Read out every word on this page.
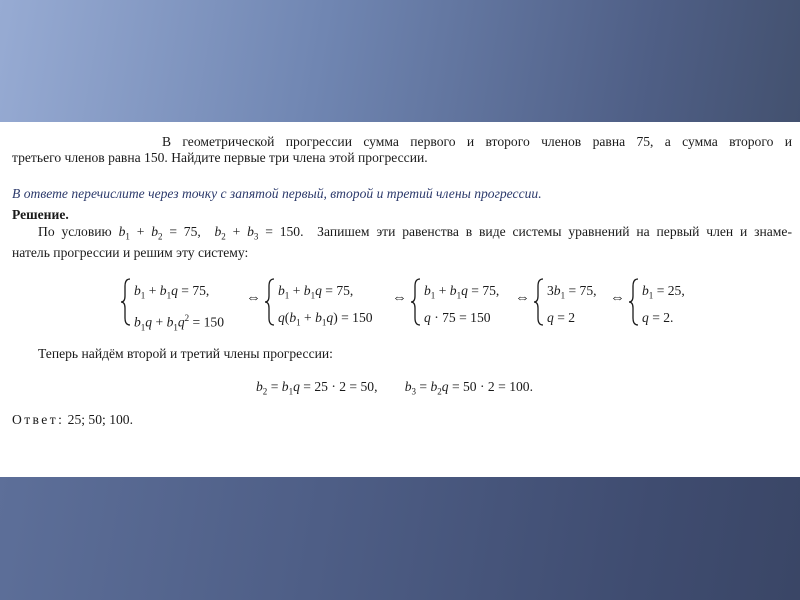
В геометрической прогрессии сумма первого и второго членов равна 75, а сумма второго и
третьего членов равна 150. Найдите первые три члена этой прогрессии.
В ответе перечислите через точку с запятой первый, второй и третий члены прогрессии.
Решение.
По условию $b_1 + b_2 = 75$,  $b_2 + b_3 = 150$.  Запишем эти равенства в виде системы уравнений на первый член и знаме-
натель прогрессии и решим эту систему:
$b_1 + b_1q = 75$,
$b_1q + b_1q^2 = 150$
⇔ $b_1 + b_1q = 75$,
$q(b_1 + b_1q) = 150$
⇔ $b_1 + b_1q = 75$,
q · 75 = 150
⇔ $3b_1 = 75$,
q = 2
⇔ $b_1 = 25$,
q = 2.
Теперь найдём второй и третий члены прогрессии:
$b_2 = b_1q = 25 \cdot 2 = 50$,        $b_3 = b_2q = 50 \cdot 2 = 100$.
Ответ: 25; 50; 100.
